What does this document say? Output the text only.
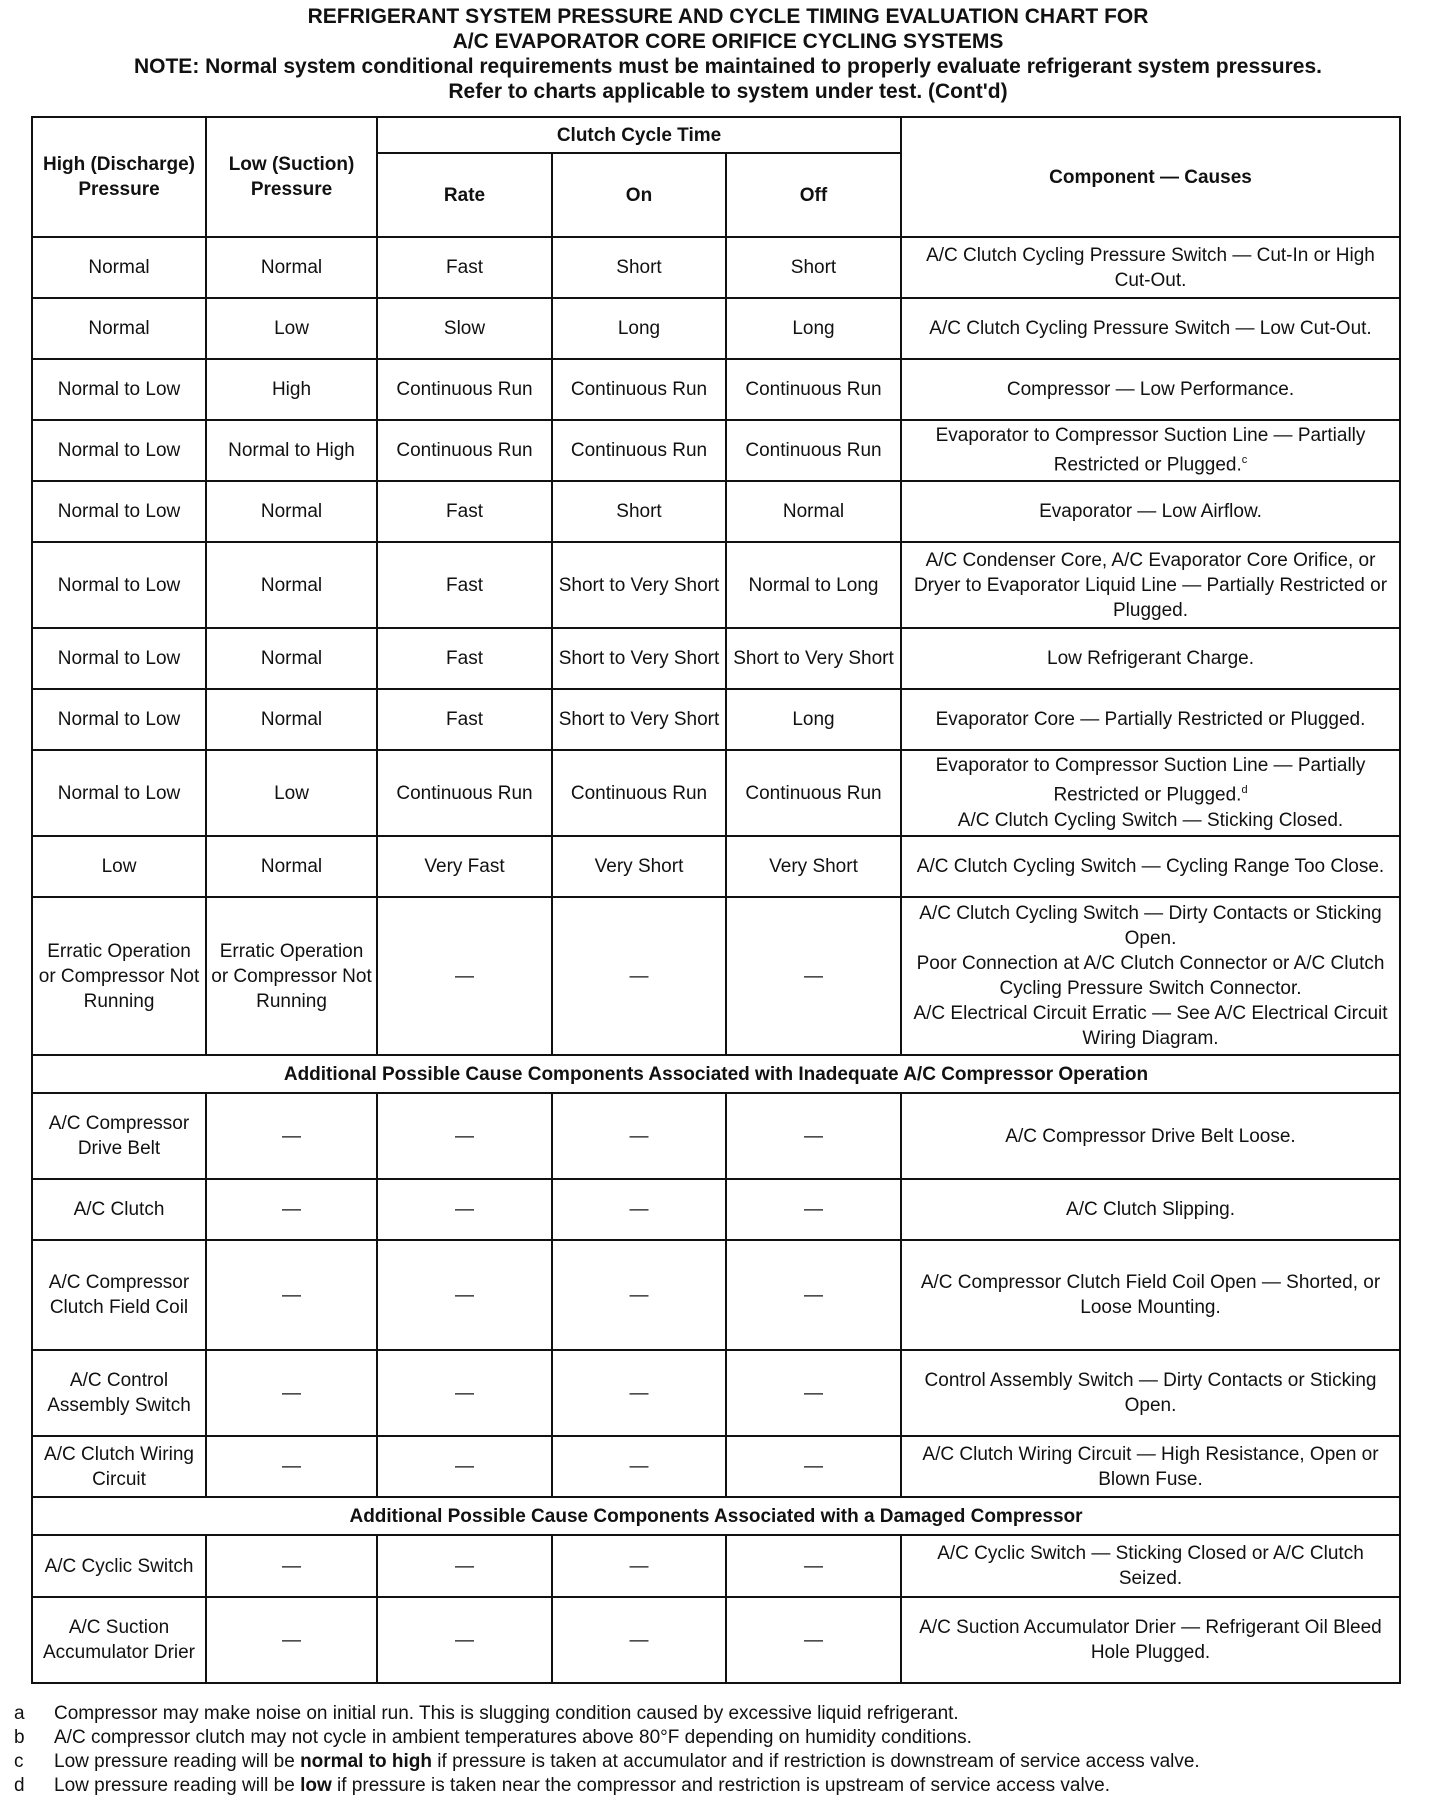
REFRIGERANT SYSTEM PRESSURE AND CYCLE TIMING EVALUATION CHART FOR
A/C EVAPORATOR CORE ORIFICE CYCLING SYSTEMS
NOTE: Normal system conditional requirements must be maintained to properly evaluate refrigerant system pressures.
Refer to charts applicable to system under test. (Cont'd)
High (Discharge) Pressure	Low (Suction) Pressure	Clutch Cycle Time			Component — Causes
		Rate	On	Off	
Normal	Normal	Fast	Short	Short	A/C Clutch Cycling Pressure Switch — Cut-In or High Cut-Out.
Normal	Low	Slow	Long	Long	A/C Clutch Cycling Pressure Switch — Low Cut-Out.
Normal to Low	High	Continuous Run	Continuous Run	Continuous Run	Compressor — Low Performance.
Normal to Low	Normal to High	Continuous Run	Continuous Run	Continuous Run	Evaporator to Compressor Suction Line — Partially Restricted or Plugged.$^c$
Normal to Low	Normal	Fast	Short	Normal	Evaporator — Low Airflow.
Normal to Low	Normal	Fast	Short to Very Short	Normal to Long	A/C Condenser Core, A/C Evaporator Core Orifice, or Dryer to Evaporator Liquid Line — Partially Restricted or Plugged.
Normal to Low	Normal	Fast	Short to Very Short	Short to Very Short	Low Refrigerant Charge.
Normal to Low	Normal	Fast	Short to Very Short	Long	Evaporator Core — Partially Restricted or Plugged.
Normal to Low	Low	Continuous Run	Continuous Run	Continuous Run	Evaporator to Compressor Suction Line — Partially Restricted or Plugged.$^d$
A/C Clutch Cycling Switch — Sticking Closed.
Low	Normal	Very Fast	Very Short	Very Short	A/C Clutch Cycling Switch — Cycling Range Too Close.
Erratic Operation or Compressor Not Running	Erratic Operation or Compressor Not Running	—	—	—	A/C Clutch Cycling Switch — Dirty Contacts or Sticking Open.
Poor Connection at A/C Clutch Connector or A/C Clutch Cycling Pressure Switch Connector.
A/C Electrical Circuit Erratic — See A/C Electrical Circuit Wiring Diagram.
Additional Possible Cause Components Associated with Inadequate A/C Compressor Operation					
A/C Compressor Drive Belt	—	—	—	—	A/C Compressor Drive Belt Loose.
A/C Clutch	—	—	—	—	A/C Clutch Slipping.
A/C Compressor Clutch Field Coil	—	—	—	—	A/C Compressor Clutch Field Coil Open — Shorted, or Loose Mounting.
A/C Control Assembly Switch	—	—	—	—	Control Assembly Switch — Dirty Contacts or Sticking Open.
A/C Clutch Wiring Circuit	—	—	—	—	A/C Clutch Wiring Circuit — High Resistance, Open or Blown Fuse.
Additional Possible Cause Components Associated with a Damaged Compressor					
A/C Cyclic Switch	—	—	—	—	A/C Cyclic Switch — Sticking Closed or A/C Clutch Seized.
A/C Suction Accumulator Drier	—	—	—	—	A/C Suction Accumulator Drier — Refrigerant Oil Bleed Hole Plugged.
a	Compressor may make noise on initial run. This is slugging condition caused by excessive liquid refrigerant.
b	A/C compressor clutch may not cycle in ambient temperatures above 80°F depending on humidity conditions.
c	Low pressure reading will be normal to high if pressure is taken at accumulator and if restriction is downstream of service access valve.
d	Low pressure reading will be low if pressure is taken near the compressor and restriction is upstream of service access valve.
